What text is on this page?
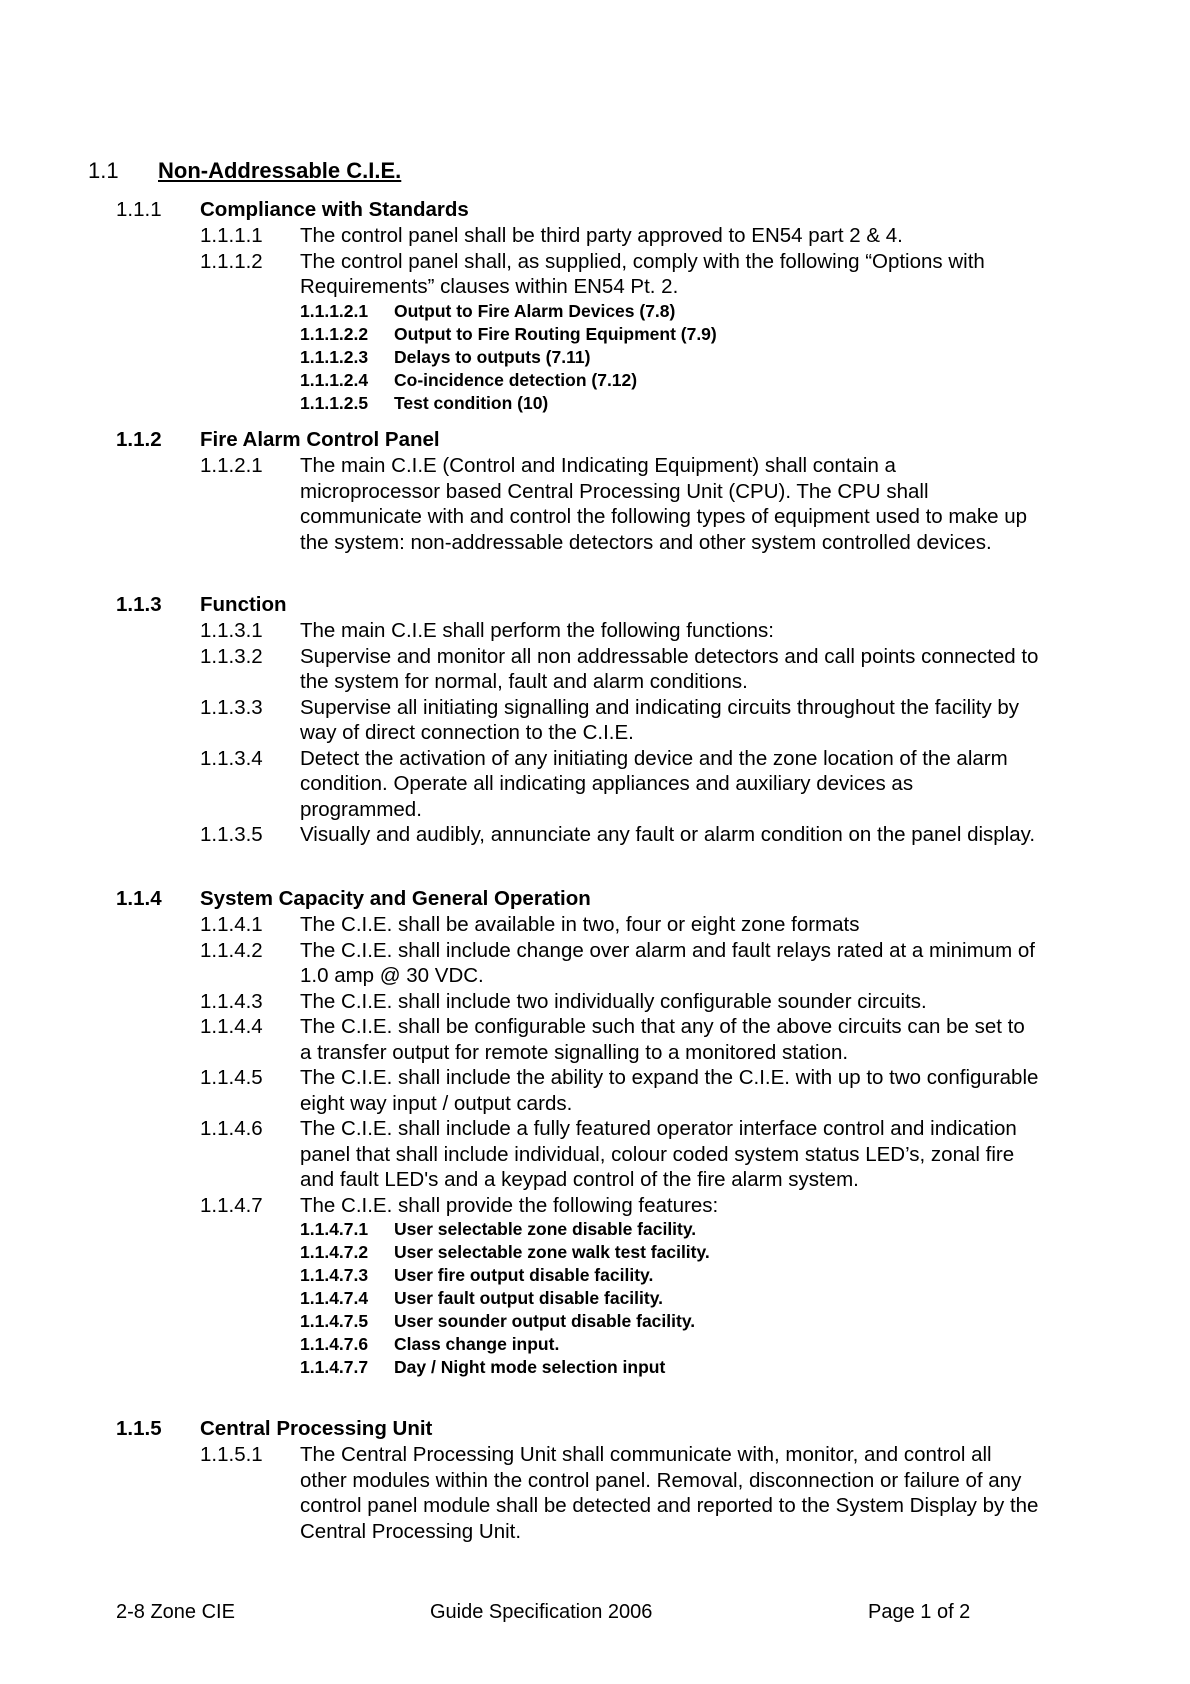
1.1 Non-Addressable C.I.E.
1.1.1 Compliance with Standards
1.1.1.1	The control panel shall be third party approved to EN54 part 2 & 4.
1.1.1.2	The control panel shall, as supplied, comply with the following “Options with Requirements” clauses within EN54 Pt. 2.
1.1.1.2.1	Output to Fire Alarm Devices (7.8)
1.1.1.2.2	Output to Fire Routing Equipment (7.9)
1.1.1.2.3	Delays to outputs (7.11)
1.1.1.2.4	Co-incidence detection (7.12)
1.1.1.2.5	Test condition (10)
1.1.2 Fire Alarm Control Panel
1.1.2.1	The main C.I.E (Control and Indicating Equipment) shall contain a microprocessor based Central Processing Unit (CPU). The CPU shall communicate with and control the following types of equipment used to make up the system: non-addressable detectors and other system controlled devices.
1.1.3 Function
1.1.3.1	The main C.I.E shall perform the following functions:
1.1.3.2	Supervise and monitor all non addressable detectors and call points connected to the system for normal, fault and alarm conditions.
1.1.3.3	Supervise all initiating signalling and indicating circuits throughout the facility by way of direct connection to the C.I.E.
1.1.3.4	Detect the activation of any initiating device and the zone location of the alarm condition. Operate all indicating appliances and auxiliary devices as programmed.
1.1.3.5	Visually and audibly, annunciate any fault or alarm condition on the panel display.
1.1.4 System Capacity and General Operation
1.1.4.1	The C.I.E. shall be available in two, four or eight zone formats
1.1.4.2	The C.I.E. shall include change over alarm and fault relays rated at a minimum of 1.0 amp @ 30 VDC.
1.1.4.3	The C.I.E. shall include two individually configurable sounder circuits.
1.1.4.4	The C.I.E. shall be configurable such that any of the above circuits can be set to a transfer output for remote signalling to a monitored station.
1.1.4.5	The C.I.E. shall include the ability to expand the C.I.E. with up to two configurable eight way input / output cards.
1.1.4.6	The C.I.E. shall include a fully featured operator interface control and indication panel that shall include individual, colour coded system status LED’s, zonal fire and fault LED's and a keypad control of the fire alarm system.
1.1.4.7	The C.I.E. shall provide the following features:
1.1.4.7.1	User selectable zone disable facility.
1.1.4.7.2	User selectable zone walk test facility.
1.1.4.7.3	User fire output disable facility.
1.1.4.7.4	User fault output disable facility.
1.1.4.7.5	User sounder output disable facility.
1.1.4.7.6	Class change input.
1.1.4.7.7	Day / Night mode selection input
1.1.5 Central Processing Unit
1.1.5.1	The Central Processing Unit shall communicate with, monitor, and control all other modules within the control panel. Removal, disconnection or failure of any control panel module shall be detected and reported to the System Display by the Central Processing Unit.
2-8 Zone CIE	Guide Specification 2006	Page 1 of 2
